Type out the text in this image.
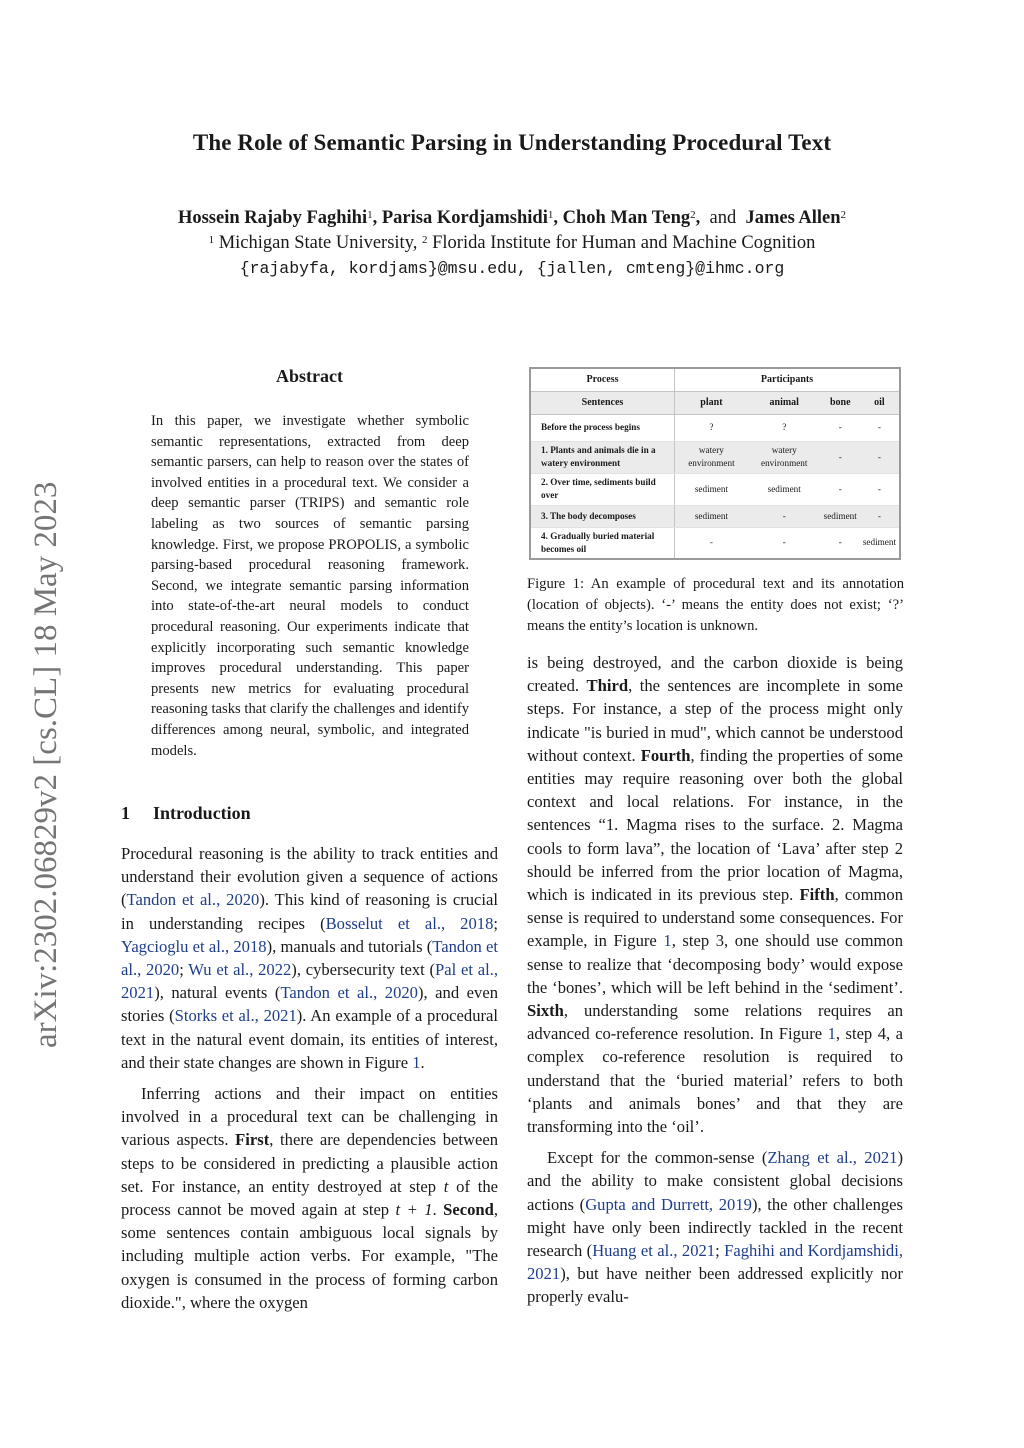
The Role of Semantic Parsing in Understanding Procedural Text
Hossein Rajaby Faghihi$^1$, Parisa Kordjamshidi$^1$, Choh Man Teng$^2$, and James Allen$^2$
$^1$ Michigan State University, $^2$ Florida Institute for Human and Machine Cognition
{rajabyfa, kordjams}@msu.edu, {jallen, cmteng}@ihmc.org
arXiv:2302.06829v2 [cs.CL] 18 May 2023
Abstract
In this paper, we investigate whether symbolic semantic representations, extracted from deep semantic parsers, can help to reason over the states of involved entities in a procedural text. We consider a deep semantic parser (TRIPS) and semantic role labeling as two sources of semantic parsing knowledge. First, we propose PROPOLIS, a symbolic parsing-based procedural reasoning framework. Second, we integrate semantic parsing information into state-of-the-art neural models to conduct procedural reasoning. Our experiments indicate that explicitly incorporating such semantic knowledge improves procedural understanding. This paper presents new metrics for evaluating procedural reasoning tasks that clarify the challenges and identify differences among neural, symbolic, and integrated models.
1 Introduction

Procedural reasoning is the ability to track entities and understand their evolution given a sequence of actions (Tandon et al., 2020). This kind of reasoning is crucial in understanding recipes (Bosselut et al., 2018; Yagcioglu et al., 2018), manuals and tutorials (Tandon et al., 2020; Wu et al., 2022), cybersecurity text (Pal et al., 2021), natural events (Tandon et al., 2020), and even stories (Storks et al., 2021). An example of a procedural text in the natural event domain, its entities of interest, and their state changes are shown in Figure 1.

Inferring actions and their impact on entities involved in a procedural text can be challenging in various aspects. First, there are dependencies between steps to be considered in predicting a plausible action set. For instance, an entity destroyed at step t of the process cannot be moved again at step t + 1. Second, some sentences contain ambiguous local signals by including multiple action verbs. For example, "The oxygen is consumed in the process of forming carbon dioxide.", where the oxygen

Process	Participants			
Sentences	plant	animal	bone	oil
Before the process begins	?	?	-	-
1. Plants and animals die in a watery environment	watery environment	watery environment	-	-
2. Over time, sediments build over	sediment	sediment	-	-
3. The body decomposes	sediment	-	sediment	-
4. Gradually buried material becomes oil	-	-	-	sediment
Figure 1: An example of procedural text and its annotation (location of objects). ‘-’ means the entity does not exist; ‘?’ means the entity’s location is unknown.

is being destroyed, and the carbon dioxide is being created. Third, the sentences are incomplete in some steps. For instance, a step of the process might only indicate "is buried in mud", which cannot be understood without context. Fourth, finding the properties of some entities may require reasoning over both the global context and local relations. For instance, in the sentences “1. Magma rises to the surface. 2. Magma cools to form lava”, the location of ‘Lava’ after step 2 should be inferred from the prior location of Magma, which is indicated in its previous step. Fifth, common sense is required to understand some consequences. For example, in Figure 1, step 3, one should use common sense to realize that ‘decomposing body’ would expose the ‘bones’, which will be left behind in the ‘sediment’. Sixth, understanding some relations requires an advanced co-reference resolution. In Figure 1, step 4, a complex co-reference resolution is required to understand that the ‘buried material’ refers to both ‘plants and animals bones’ and that they are transforming into the ‘oil’.

Except for the common-sense (Zhang et al., 2021) and the ability to make consistent global decisions actions (Gupta and Durrett, 2019), the other challenges might have only been indirectly tackled in the recent research (Huang et al., 2021; Faghihi and Kordjamshidi, 2021), but have neither been addressed explicitly nor properly evalu-
